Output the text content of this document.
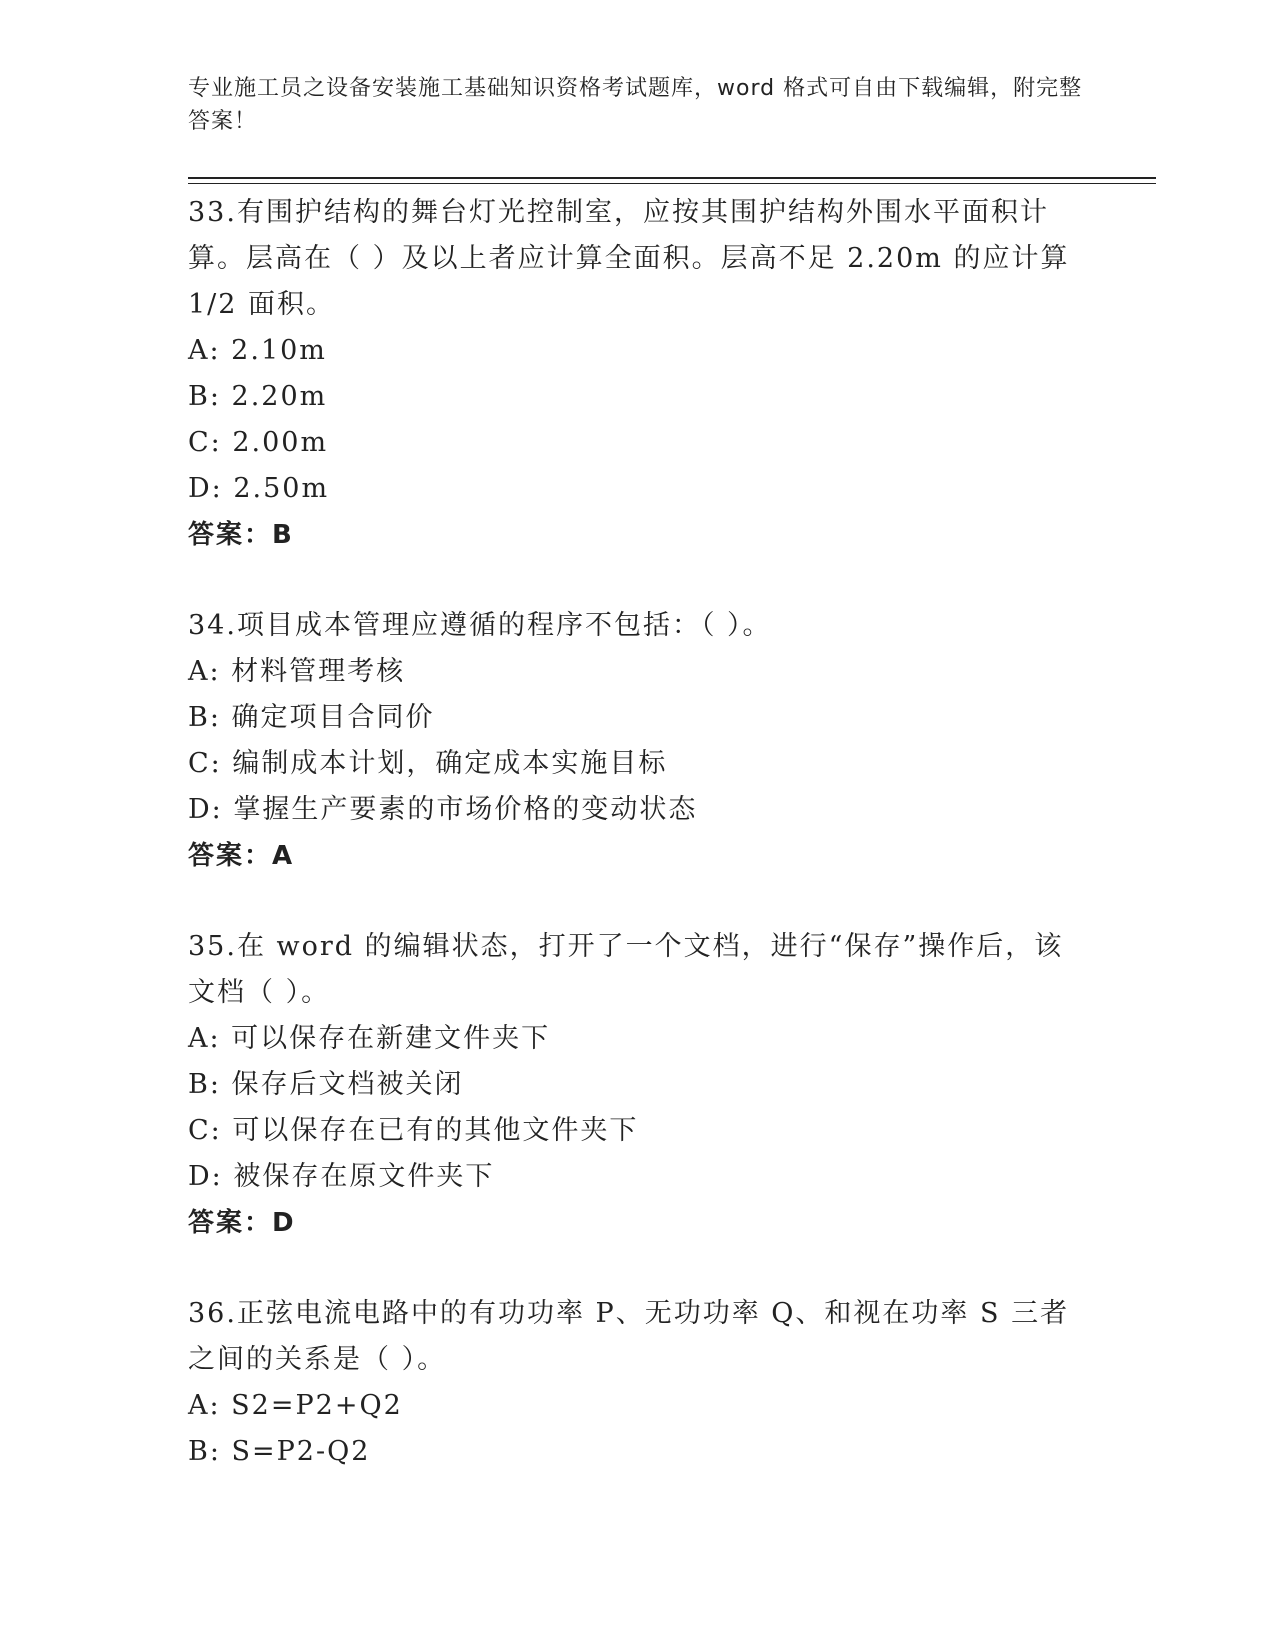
专业施工员之设备安装施工基础知识资格考试题库，word 格式可自由下载编辑，附完整答案！
33.有围护结构的舞台灯光控制室，应按其围护结构外围水平面积计算。层高在（ ）及以上者应计算全面积。层高不足 2.20m 的应计算 1/2 面积。
A: 2.10m
B: 2.20m
C: 2.00m
D: 2.50m
答案：B
34.项目成本管理应遵循的程序不包括：（ ）。
A: 材料管理考核
B: 确定项目合同价
C: 编制成本计划，确定成本实施目标
D: 掌握生产要素的市场价格的变动状态
答案：A
35.在 word 的编辑状态，打开了一个文档，进行“保存”操作后，该文档（ ）。
A: 可以保存在新建文件夹下
B: 保存后文档被关闭
C: 可以保存在已有的其他文件夹下
D: 被保存在原文件夹下
答案：D
36.正弦电流电路中的有功功率 P、无功功率 Q、和视在功率 S 三者之间的关系是（ ）。
A: S2=P2+Q2
B: S=P2-Q2
